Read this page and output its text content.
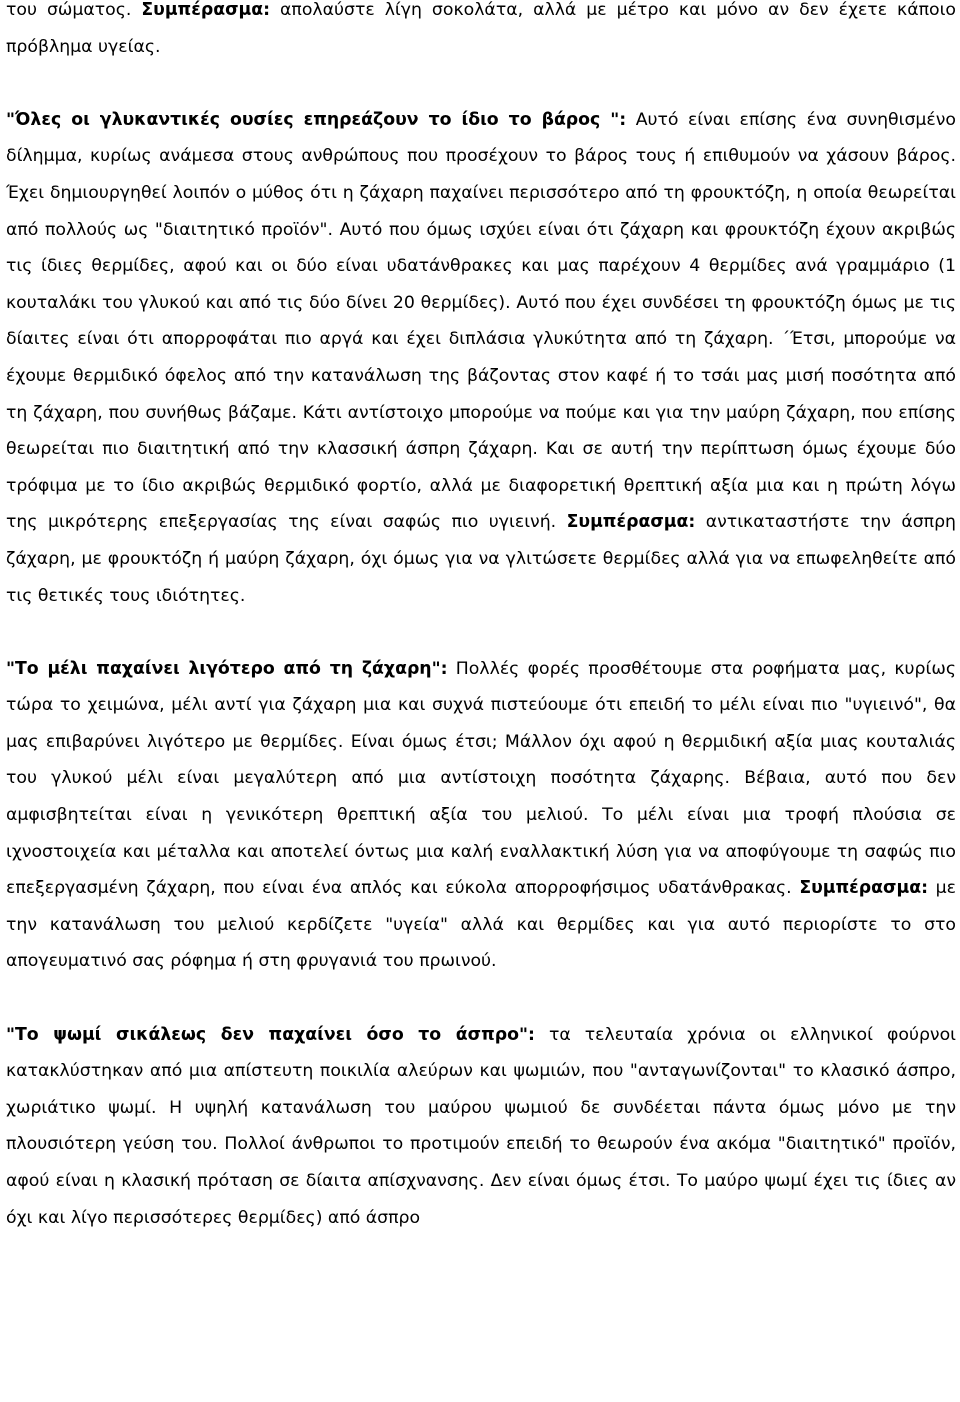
του σώματος. Συμπέρασμα: απολαύστε λίγη σοκολάτα, αλλά με μέτρο και μόνο αν δεν έχετε κάποιο πρόβλημα υγείας.

"Όλες οι γλυκαντικές ουσίες επηρεάζουν το ίδιο το βάρος ": Αυτό είναι επίσης ένα συνηθισμένο δίλημμα, κυρίως ανάμεσα στους ανθρώπους που προσέχουν το βάρος τους ή επιθυμούν να χάσουν βάρος. Έχει δημιουργηθεί λοιπόν ο μύθος ότι η ζάχαρη παχαίνει περισσότερο από τη φρουκτόζη, η οποία θεωρείται από πολλούς ως "διαιτητικό προϊόν". Αυτό που όμως ισχύει είναι ότι ζάχαρη και φρουκτόζη έχουν ακριβώς τις ίδιες θερμίδες, αφού και οι δύο είναι υδατάνθρακες και μας παρέχουν 4 θερμίδες ανά γραμμάριο (1 κουταλάκι του γλυκού και από τις δύο δίνει 20 θερμίδες). Αυτό που έχει συνδέσει τη φρουκτόζη όμως με τις δίαιτες είναι ότι απορροφάται πιο αργά και έχει διπλάσια γλυκύτητα από τη ζάχαρη. ΄Έτσι, μπορούμε να έχουμε θερμιδικό όφελος από την κατανάλωση της βάζοντας στον καφέ ή το τσάι μας μισή ποσότητα από τη ζάχαρη, που συνήθως βάζαμε. Κάτι αντίστοιχο μπορούμε να πούμε και για την μαύρη ζάχαρη, που επίσης θεωρείται πιο διαιτητική από την κλασσική άσπρη ζάχαρη. Και σε αυτή την περίπτωση όμως έχουμε δύο τρόφιμα με το ίδιο ακριβώς θερμιδικό φορτίο, αλλά με διαφορετική θρεπτική αξία μια και η πρώτη λόγω της μικρότερης επεξεργασίας της είναι σαφώς πιο υγιεινή. Συμπέρασμα: αντικαταστήστε την άσπρη ζάχαρη, με φρουκτόζη ή μαύρη ζάχαρη, όχι όμως για να γλιτώσετε θερμίδες αλλά για να επωφεληθείτε από τις θετικές τους ιδιότητες.

"Το μέλι παχαίνει λιγότερο από τη ζάχαρη": Πολλές φορές προσθέτουμε στα ροφήματα μας, κυρίως τώρα το χειμώνα, μέλι αντί για ζάχαρη μια και συχνά πιστεύουμε ότι επειδή το μέλι είναι πιο "υγιεινό", θα μας επιβαρύνει λιγότερο με θερμίδες. Είναι όμως έτσι; Μάλλον όχι αφού η θερμιδική αξία μιας κουταλιάς του γλυκού μέλι είναι μεγαλύτερη από μια αντίστοιχη ποσότητα ζάχαρης. Βέβαια, αυτό που δεν αμφισβητείται είναι η γενικότερη θρεπτική αξία του μελιού. Το μέλι είναι μια τροφή πλούσια σε ιχνοστοιχεία και μέταλλα και αποτελεί όντως μια καλή εναλλακτική λύση για να αποφύγουμε τη σαφώς πιο επεξεργασμένη ζάχαρη, που είναι ένα απλός και εύκολα απορροφήσιμος υδατάνθρακας. Συμπέρασμα: με την κατανάλωση του μελιού κερδίζετε "υγεία" αλλά και θερμίδες και για αυτό περιορίστε το στο απογευματινό σας ρόφημα ή στη φρυγανιά του πρωινού.

"Το ψωμί σικάλεως δεν παχαίνει όσο το άσπρο": τα τελευταία χρόνια οι ελληνικοί φούρνοι κατακλύστηκαν από μια απίστευτη ποικιλία αλεύρων και ψωμιών, που "ανταγωνίζονται" το κλασικό άσπρο, χωριάτικο ψωμί. Η υψηλή κατανάλωση του μαύρου ψωμιού δε συνδέεται πάντα όμως μόνο με την πλουσιότερη γεύση του. Πολλοί άνθρωποι το προτιμούν επειδή το θεωρούν ένα ακόμα "διαιτητικό" προϊόν, αφού είναι η κλασική πρόταση σε δίαιτα απίσχνανσης. Δεν είναι όμως έτσι. Το μαύρο ψωμί έχει τις ίδιες αν όχι και λίγο περισσότερες θερμίδες) από άσπρο
